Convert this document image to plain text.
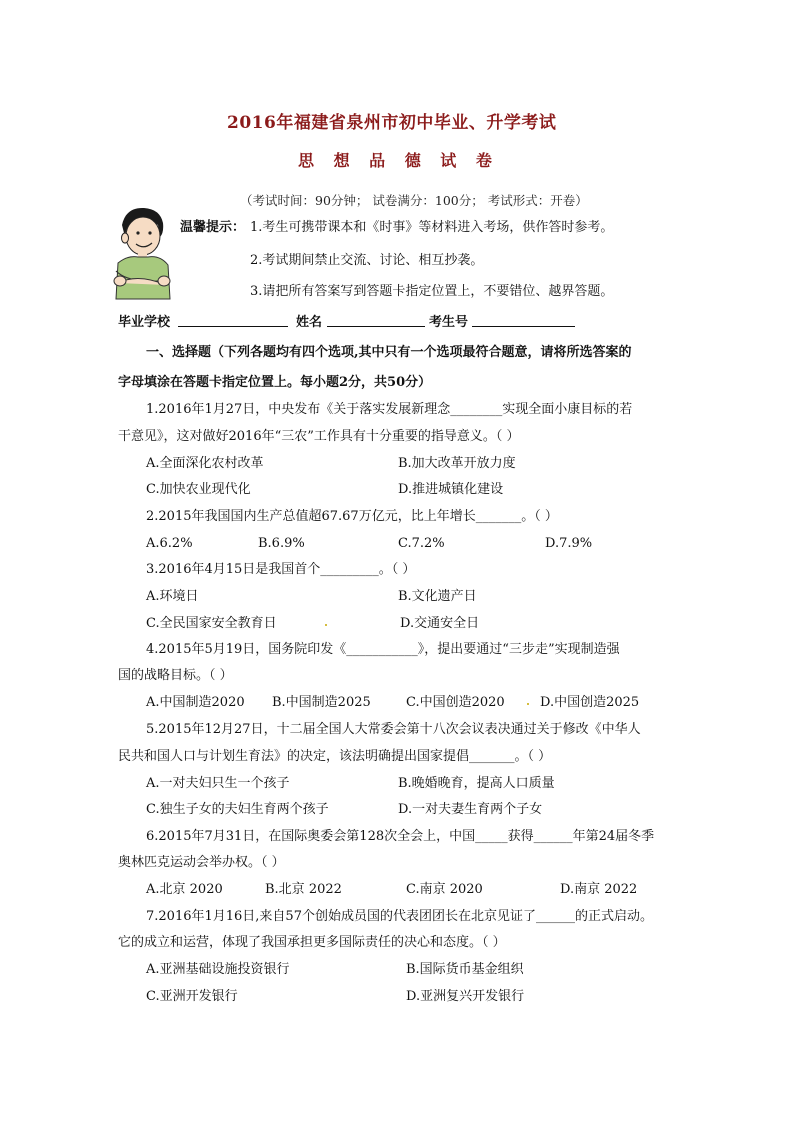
2016年福建省泉州市初中毕业、升学考试
思 想 品 德 试 卷
（考试时间：90分钟； 试卷满分：100分； 考试形式：开卷）
温馨提示： 1.考生可携带课本和《时事》等材料进入考场，供作答时参考。
2.考试期间禁止交流、讨论、相互抄袭。
3.请把所有答案写到答题卡指定位置上，不要错位、越界答题。
毕业学校	姓名	考生号
一、选择题（下列各题均有四个选项,其中只有一个选项最符合题意，请将所选答案的
字母填涂在答题卡指定位置上。每小题2分，共50分）
1.2016年1月27日，中央发布《关于落实发展新理念________实现全面小康目标的若
干意见》，这对做好2016年“三农”工作具有十分重要的指导意义。（ ）
A.全面深化农村改革	B.加大改革开放力度
C.加快农业现代化	D.推进城镇化建设
2.2015年我国国内生产总值超67.67万亿元，比上年增长_______。（ ）
A.6.2%	B.6.9%	C.7.2%	D.7.9%
3.2016年4月15日是我国首个_________。（ ）
A.环境日	B.文化遗产日
C.全民国家安全教育日	D.交通安全日
4.2015年5月19日，国务院印发《___________》，提出要通过“三步走”实现制造强
国的战略目标。（ ）
A.中国制造2020 B.中国制造2025	C.中国创造2020	D.中国创造2025
5.2015年12月27日，十二届全国人大常委会第十八次会议表决通过关于修改《中华人
民共和国人口与计划生育法》的决定，该法明确提出国家提倡_______。（ ）
A.一对夫妇只生一个孩子	B.晚婚晚育，提高人口质量
C.独生子女的夫妇生育两个孩子	D.一对夫妻生育两个子女
6.2015年7月31日，在国际奥委会第128次全会上，中国_____获得______年第24届冬季
奥林匹克运动会举办权。（ ）
A.北京 2020	B.北京 2022	C.南京 2020	D.南京 2022
7.2016年1月16日,来自57个创始成员国的代表团团长在北京见证了______的正式启动。
它的成立和运营，体现了我国承担更多国际责任的决心和态度。（ ）
A.亚洲基础设施投资银行	B.国际货币基金组织
C.亚洲开发银行	D.亚洲复兴开发银行
